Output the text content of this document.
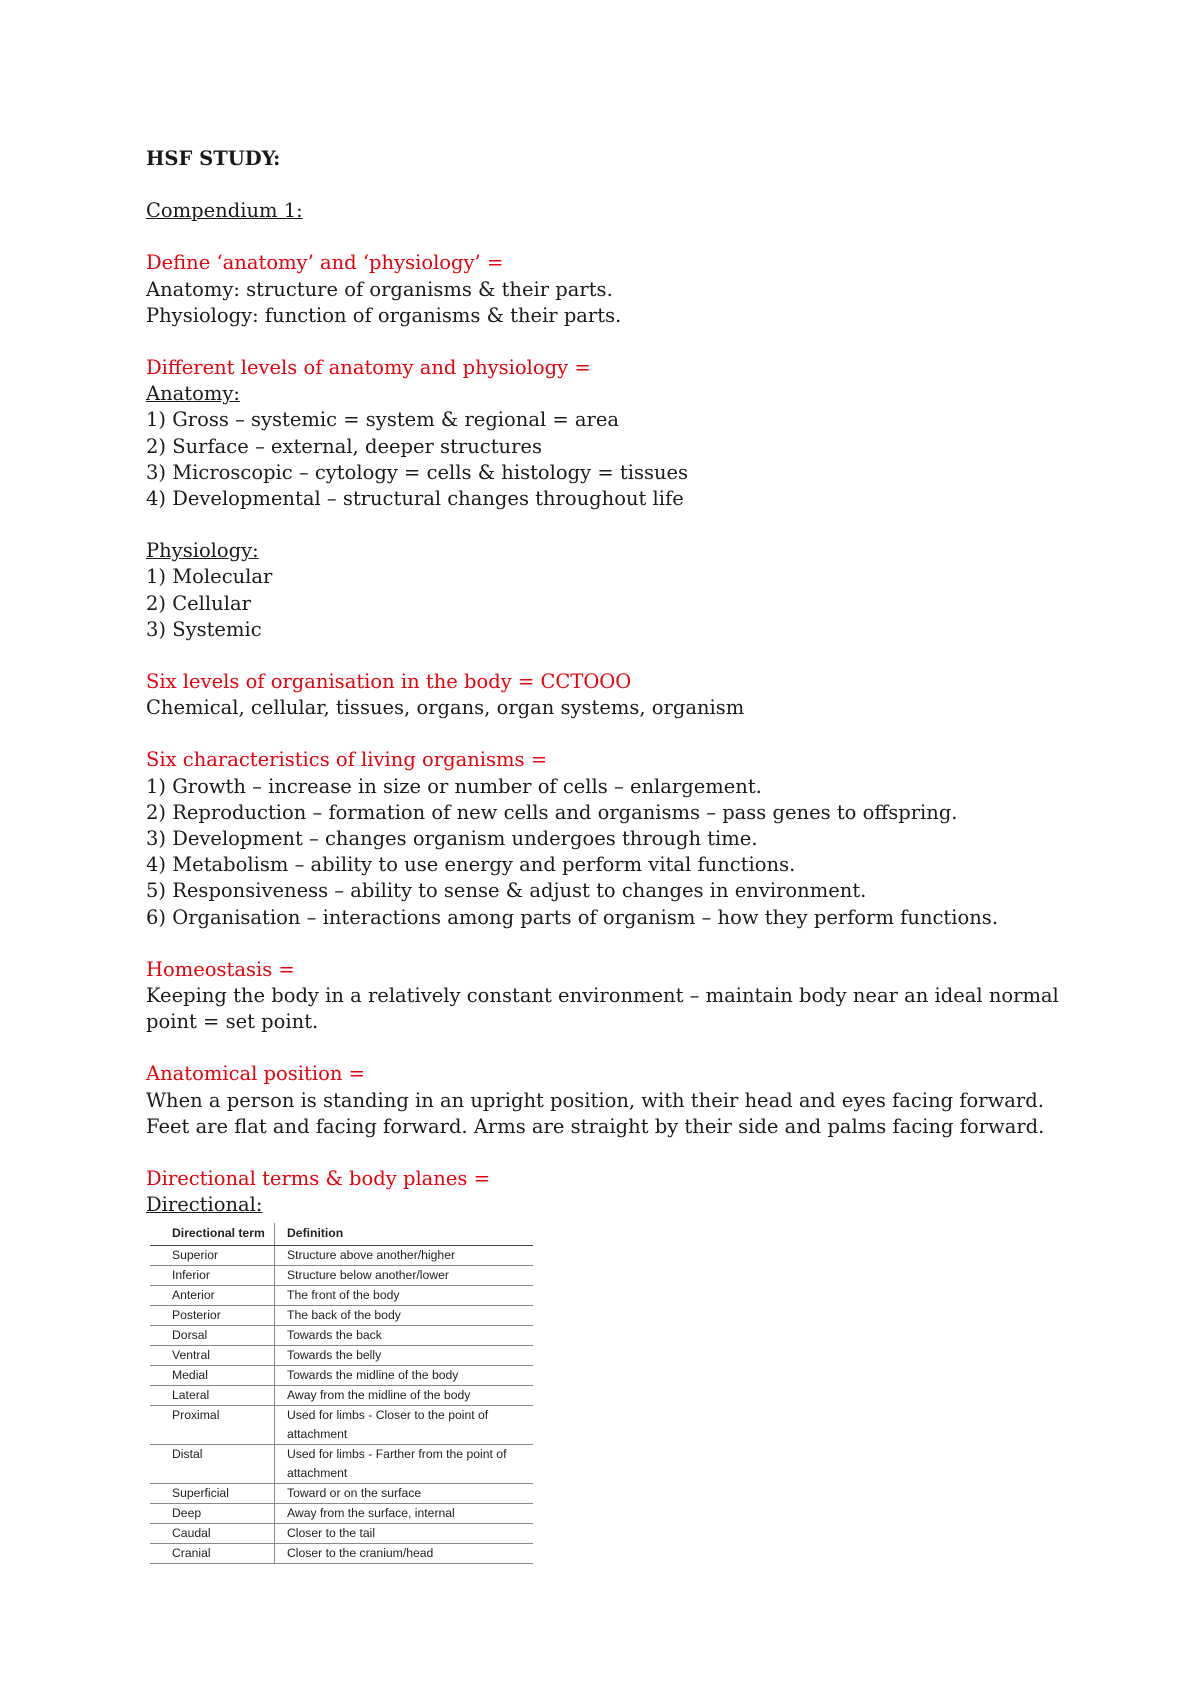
HSF STUDY:
Compendium 1:
Define ‘anatomy’ and ‘physiology’ =
Anatomy: structure of organisms & their parts.
Physiology: function of organisms & their parts.
Different levels of anatomy and physiology =
Anatomy:
1) Gross – systemic = system & regional = area
2) Surface – external, deeper structures
3) Microscopic – cytology = cells & histology = tissues
4) Developmental – structural changes throughout life
Physiology:
1) Molecular
2) Cellular
3) Systemic
Six levels of organisation in the body = CCTOOO
Chemical, cellular, tissues, organs, organ systems, organism
Six characteristics of living organisms =
1) Growth – increase in size or number of cells – enlargement.
2) Reproduction – formation of new cells and organisms – pass genes to offspring.
3) Development – changes organism undergoes through time.
4) Metabolism – ability to use energy and perform vital functions.
5) Responsiveness – ability to sense & adjust to changes in environment.
6) Organisation – interactions among parts of organism – how they perform functions.
Homeostasis =
Keeping the body in a relatively constant environment – maintain body near an ideal normal point = set point.
Anatomical position =
When a person is standing in an upright position, with their head and eyes facing forward. Feet are flat and facing forward. Arms are straight by their side and palms facing forward.
Directional terms & body planes =
Directional:
Directional term	Definition
Superior	Structure above another/higher
Inferior	Structure below another/lower
Anterior	The front of the body
Posterior	The back of the body
Dorsal	Towards the back
Ventral	Towards the belly
Medial	Towards the midline of the body
Lateral	Away from the midline of the body
Proximal	Used for limbs - Closer to the point of attachment
Distal	Used for limbs - Farther from the point of attachment
Superficial	Toward or on the surface
Deep	Away from the surface, internal
Caudal	Closer to the tail
Cranial	Closer to the cranium/head
